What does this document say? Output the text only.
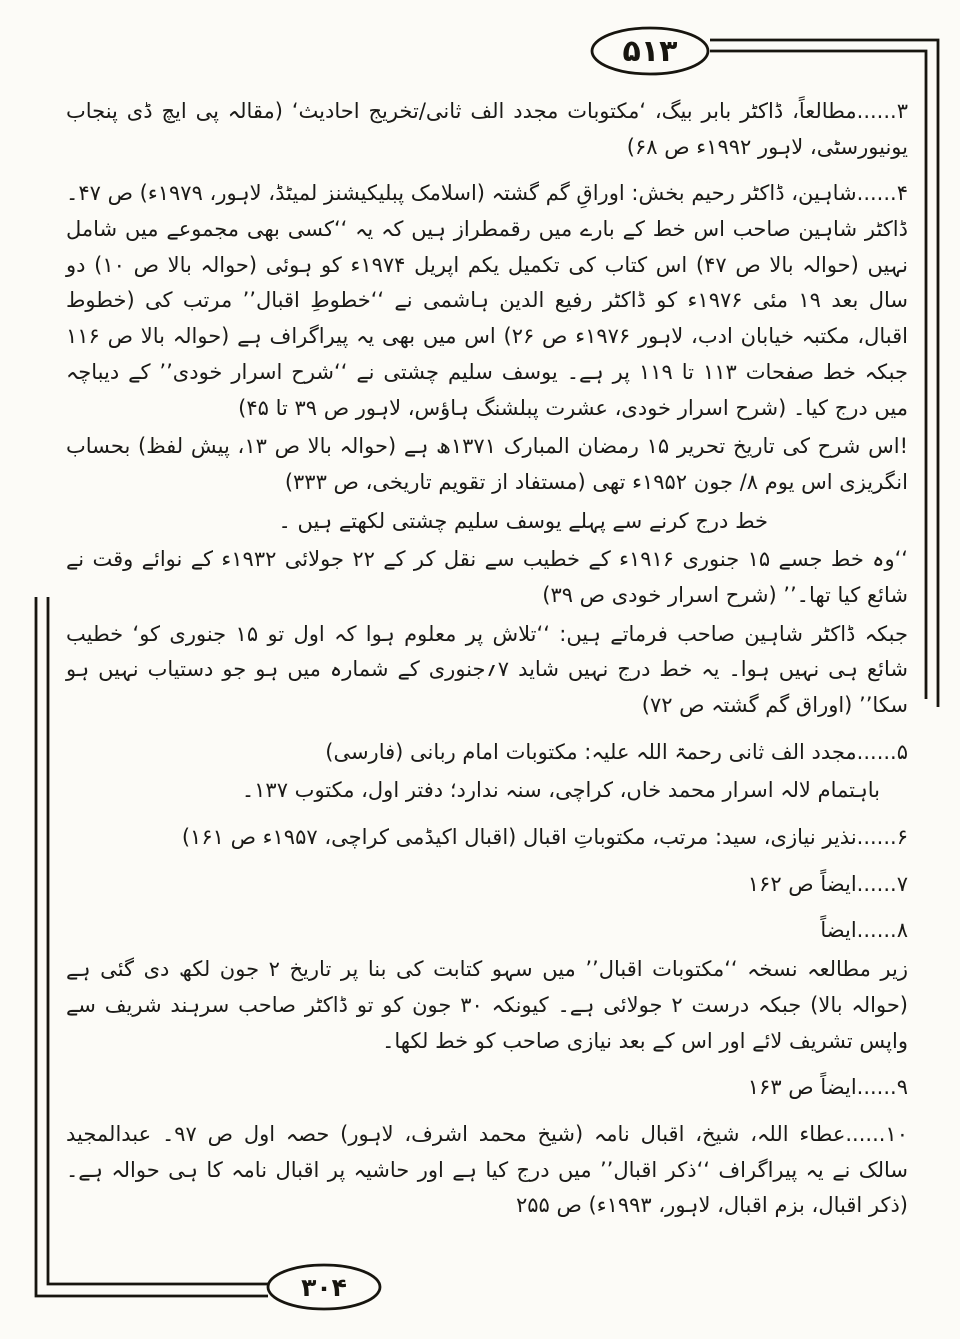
۵۱۳
۳۰۴

۳......مطالعاً، ڈاکٹر بابر بیگ، ‘مکتوبات مجدد الف ثانی/تخریج احادیث‘ (مقالہ پی ایچ ڈی پنجاب یونیورسٹی، لاہور ۱۹۹۲ء ص ۶۸)

۴......شاہین، ڈاکٹر رحیم بخش: اوراقِ گم گشتہ (اسلامک پبلیکیشنز لمیٹڈ، لاہور، ۱۹۷۹ء) ص ۴۷۔ ڈاکٹر شاہین صاحب اس خط کے بارے میں رقمطراز ہیں کہ یہ ‘‘کسی بھی مجموعے میں شامل نہیں (حوالہ بالا ص ۴۷) اس کتاب کی تکمیل یکم اپریل ۱۹۷۴ء کو ہوئی (حوالہ بالا ص ۱۰) دو سال بعد ۱۹ مئی ۱۹۷۶ء کو ڈاکٹر رفیع الدین ہاشمی نے ‘‘خطوطِ اقبال’’ مرتب کی (خطوط اقبال، مکتبہ خیابان ادب، لاہور ۱۹۷۶ء ص ۲۶) اس میں بھی یہ پیراگراف ہے (حوالہ بالا ص ۱۱۶ جبکہ خط صفحات ۱۱۳ تا ۱۱۹ پر ہے۔ یوسف سلیم چشتی نے ‘‘شرح اسرار خودی’’ کے دیباچہ میں درج کیا۔ (شرح اسرار خودی، عشرت پبلشنگ ہاؤس، لاہور ص ۳۹ تا ۴۵)

!اس شرح کی تاریخ تحریر ۱۵ رمضان المبارک ۱۳۷۱ھ ہے (حوالہ بالا ص ۱۳، پیش لفظ) بحساب انگریزی اس یوم ۸/ جون ۱۹۵۲ء تھی (مستفاد از تقویم تاریخی، ص ۳۳۳)

خط درج کرنے سے پہلے یوسف سلیم چشتی لکھتے ہیں ۔

‘‘وہ خط جسے ۱۵ جنوری ۱۹۱۶ء کے خطیب سے نقل کر کے ۲۲ جولائی ۱۹۳۲ء کے نوائے وقت نے شائع کیا تھا۔’’ (شرح اسرار خودی ص ۳۹)

جبکہ ڈاکٹر شاہین صاحب فرماتے ہیں: ‘‘تلاش پر معلوم ہوا کہ اول تو ۱۵ جنوری کو‘ خطیب شائع ہی نہیں ہوا۔ یہ خط درج نہیں شاید ۷؍جنوری کے شمارہ میں ہو جو دستیاب نہیں ہو سکا’’ (اوراق گم گشتہ ص ۷۲)

۵......مجدد الف ثانی رحمۃ اللہ علیہ: مکتوبات امام ربانی (فارسی)

باہتمام لالہ اسرار محمد خاں، کراچی، سنہ ندارد؛ دفتر اول، مکتوب ۱۳۷۔

۶......نذیر نیازی، سید: مرتب، مکتوباتِ اقبال (اقبال اکیڈمی کراچی، ۱۹۵۷ء ص ۱۶۱)

۷......ایضاً ص ۱۶۲

۸......ایضاً

زیر مطالعہ نسخہ ‘‘مکتوبات اقبال’’ میں سہو کتابت کی بنا پر تاریخ ۲ جون لکھ دی گئی ہے (حوالہ بالا) جبکہ درست ۲ جولائی ہے۔ کیونکہ ۳۰ جون کو تو ڈاکٹر صاحب سرہند شریف سے واپس تشریف لائے اور اس کے بعد نیازی صاحب کو خط لکھا۔

۹......ایضاً ص ۱۶۳

۱۰......عطاء اللہ، شیخ، اقبال نامہ (شیخ محمد اشرف، لاہور) حصہ اول ص ۹۷۔ عبدالمجید سالک نے یہ پیراگراف ‘‘ذکر اقبال’’ میں درج کیا ہے اور حاشیہ پر اقبال نامہ کا ہی حوالہ ہے۔ (ذکر اقبال، بزم اقبال، لاہور، ۱۹۹۳ء) ص ۲۵۵
